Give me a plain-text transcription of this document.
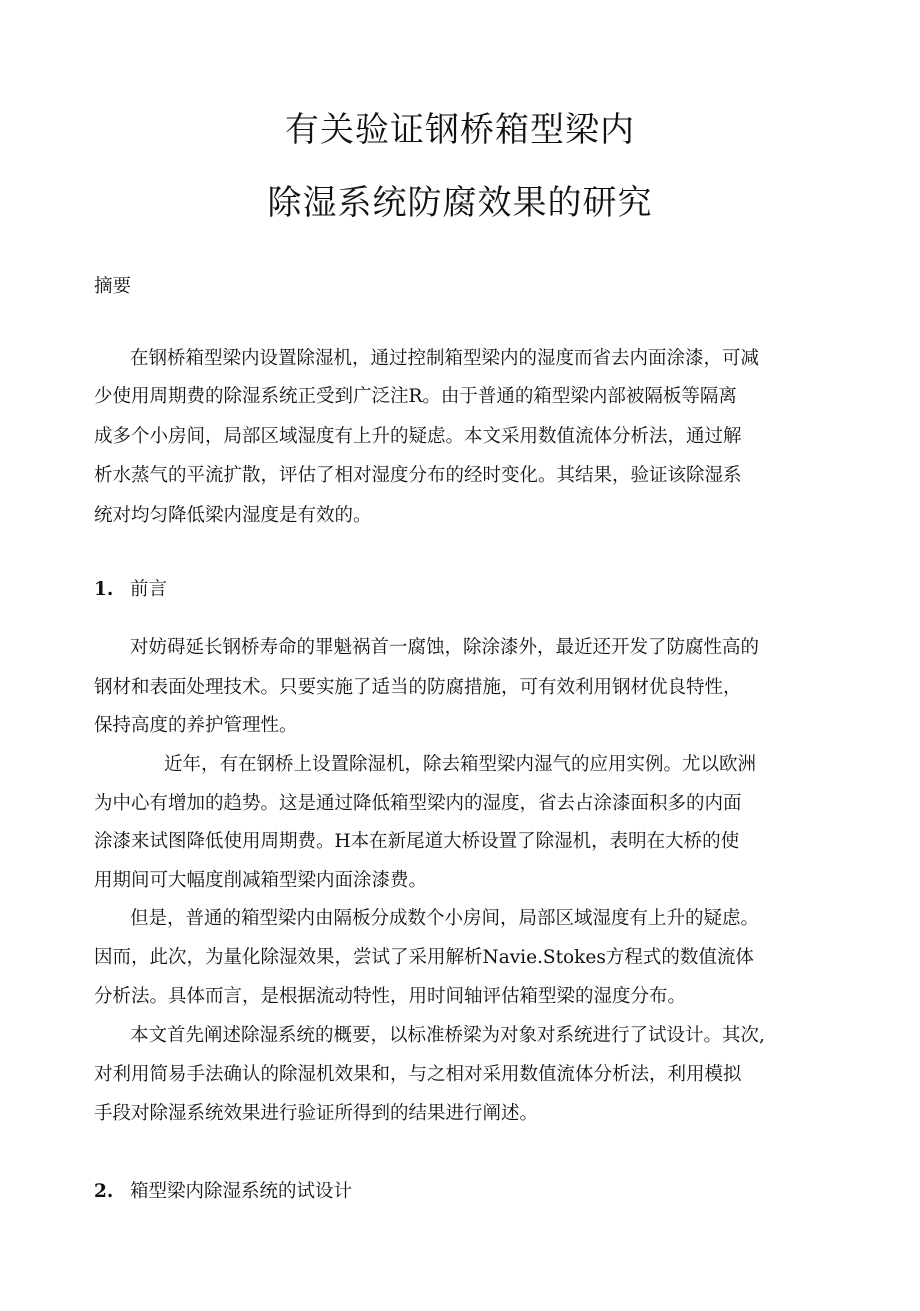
有关验证钢桥箱型梁内
除湿系统防腐效果的研究
摘要
在钢桥箱型梁内设置除湿机，通过控制箱型梁内的湿度而省去内面涂漆，可减
少使用周期费的除湿系统正受到广泛注R。由于普通的箱型梁内部被隔板等隔离
成多个小房间，局部区域湿度有上升的疑虑。本文采用数值流体分析法，通过解
析水蒸气的平流扩散，评估了相对湿度分布的经时变化。其结果，验证该除湿系
统对均匀降低梁内湿度是有效的。
1. 前言
对妨碍延长钢桥寿命的罪魁祸首一腐蚀，除涂漆外，最近还开发了防腐性高的
钢材和表面处理技术。只要实施了适当的防腐措施，可有效利用钢材优良特性，
保持高度的养护管理性。
近年，有在钢桥上设置除湿机，除去箱型梁内湿气的应用实例。尤以欧洲
为中心有增加的趋势。这是通过降低箱型梁内的湿度，省去占涂漆面积多的内面
涂漆来试图降低使用周期费。H本在新尾道大桥设置了除湿机，表明在大桥的使
用期间可大幅度削减箱型梁内面涂漆费。
但是，普通的箱型梁内由隔板分成数个小房间，局部区域湿度有上升的疑虑。
因而，此次，为量化除湿效果，尝试了采用解析Navie.Stokes方程式的数值流体
分析法。具体而言，是根据流动特性，用时间轴评估箱型梁的湿度分布。
本文首先阐述除湿系统的概要，以标准桥梁为对象对系统进行了试设计。其次,
对利用简易手法确认的除湿机效果和，与之相对采用数值流体分析法，利用模拟
手段对除湿系统效果进行验证所得到的结果进行阐述。
2. 箱型梁内除湿系统的试设计
